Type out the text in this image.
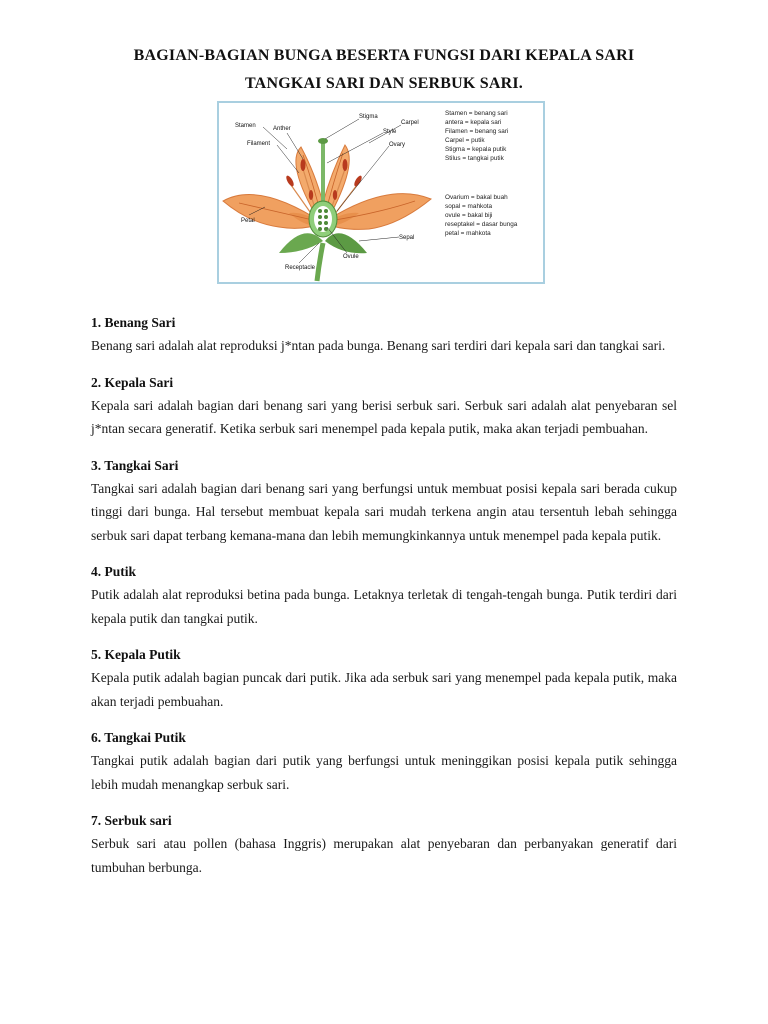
BAGIAN-BAGIAN BUNGA BESERTA FUNGSI DARI KEPALA SARI
TANGKAI SARI DAN SERBUK SARI.
Stamen	Anther
Filament
Stigma
Style
Carpel
Ovary
Petal
Sepal
Ovule
Receptacle
Stamen = benang sari
antera = kepala sari
Filamen = benang sari
Carpel = putik
Stigma = kepala putik
Stilus = tangkai putik
Ovarium = bakal buah
sopal = mahkota
ovule = bakal biji
reseptakel = dasar bunga
petal = mahkota
1. Benang Sari

Benang sari adalah alat reproduksi j*ntan pada bunga. Benang sari terdiri dari kepala sari dan tangkai sari.

2. Kepala Sari

Kepala sari adalah bagian dari benang sari yang berisi serbuk sari. Serbuk sari adalah alat penyebaran sel j*ntan secara generatif. Ketika serbuk sari menempel pada kepala putik, maka akan terjadi pembuahan.

3. Tangkai Sari

Tangkai sari adalah bagian dari benang sari yang berfungsi untuk membuat posisi kepala sari berada cukup tinggi dari bunga. Hal tersebut membuat kepala sari mudah terkena angin atau tersentuh lebah sehingga serbuk sari dapat terbang kemana-mana dan lebih memungkinkannya untuk menempel pada kepala putik.

4. Putik

Putik adalah alat reproduksi betina pada bunga. Letaknya terletak di tengah-tengah bunga. Putik terdiri dari kepala putik dan tangkai putik.

5. Kepala Putik

Kepala putik adalah bagian puncak dari putik. Jika ada serbuk sari yang menempel pada kepala putik, maka akan terjadi pembuahan.

6. Tangkai Putik

Tangkai putik adalah bagian dari putik yang berfungsi untuk meninggikan posisi kepala putik sehingga lebih mudah menangkap serbuk sari.

7. Serbuk sari

Serbuk sari atau pollen (bahasa Inggris) merupakan alat penyebaran dan perbanyakan generatif dari tumbuhan berbunga.
